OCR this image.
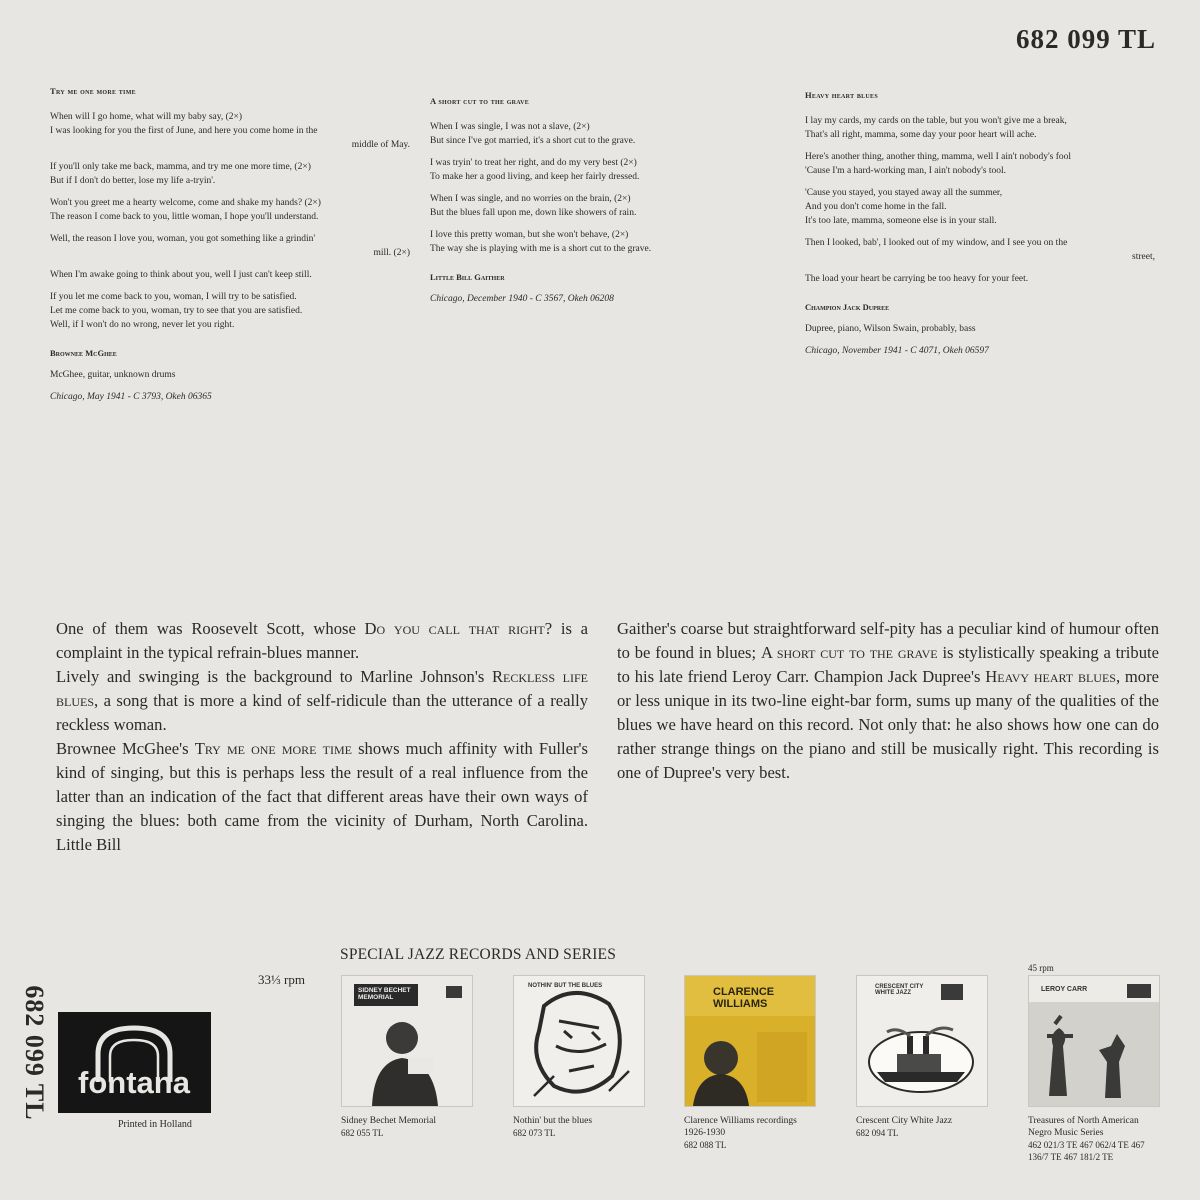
682 099 TL
Try me one more time
When will I go home, what will my baby say, (2×)
I was looking for you the first of June, and here you come home in the
middle of May.
If you'll only take me back, mamma, and try me one more time, (2×)
But if I don't do better, lose my life a-tryin'.
Won't you greet me a hearty welcome, come and shake my hands? (2×)
The reason I come back to you, little woman, I hope you'll understand.
Well, the reason I love you, woman, you got something like a grindin'
mill. (2×)
When I'm awake going to think about you, well I just can't keep still.
If you let me come back to you, woman, I will try to be satisfied.
Let me come back to you, woman, try to see that you are satisfied.
Well, if I won't do no wrong, never let you right.
Brownee McGhee
McGhee, guitar, unknown drums
Chicago, May 1941 - C 3793, Okeh 06365
A short cut to the grave
When I was single, I was not a slave, (2×)
But since I've got married, it's a short cut to the grave.
I was tryin' to treat her right, and do my very best (2×)
To make her a good living, and keep her fairly dressed.
When I was single, and no worries on the brain, (2×)
But the blues fall upon me, down like showers of rain.
I love this pretty woman, but she won't behave, (2×)
The way she is playing with me is a short cut to the grave.
Little Bill Gaither
Chicago, December 1940 - C 3567, Okeh 06208
Heavy heart blues
I lay my cards, my cards on the table, but you won't give me a break,
That's all right, mamma, some day your poor heart will ache.
Here's another thing, another thing, mamma, well I ain't nobody's fool
'Cause I'm a hard-working man, I ain't nobody's tool.
'Cause you stayed, you stayed away all the summer,
And you don't come home in the fall.
It's too late, mamma, someone else is in your stall.
Then I looked, bab', I looked out of my window, and I see you on the
street,
The load your heart be carrying be too heavy for your feet.
Champion Jack Dupree
Dupree, piano, Wilson Swain, probably, bass
Chicago, November 1941 - C 4071, Okeh 06597

One of them was Roosevelt Scott, whose Do you call that right? is a complaint in the typical refrain-blues manner.

Lively and swinging is the background to Marline Johnson's Reckless life blues, a song that is more a kind of self-ridicule than the utterance of a really reckless woman.

Brownee McGhee's Try me one more time shows much affinity with Fuller's kind of singing, but this is perhaps less the result of a real influence from the latter than an indication of the fact that different areas have their own ways of singing the blues: both came from the vicinity of Durham, North Carolina. Little Bill

Gaither's coarse but straightforward self-pity has a peculiar kind of humour often to be found in blues; A short cut to the grave is stylistically speaking a tribute to his late friend Leroy Carr. Champion Jack Dupree's Heavy heart blues, more or less unique in its two-line eight-bar form, sums up many of the qualities of the blues we have heard on this record. Not only that: he also shows how one can do rather strange things on the piano and still be musically right. This recording is one of Dupree's very best.

SPECIAL JAZZ RECORDS AND SERIES
33⅓ rpm
45 rpm
682 099 TL fontana
Printed in Holland
SIDNEY BECHET MEMORIAL
Sidney Bechet Memorial
682 055 TL
NOTHIN' BUT THE BLUES
Nothin' but the blues
682 073 TL
CLARENCE WILLIAMS
Clarence Williams recordings 1926-1930
682 088 TL
CRESCENT CITY WHITE JAZZ
Crescent City White Jazz
682 094 TL
LEROY CARR
Treasures of North American Negro Music Series
462 021/3 TE 467 062/4 TE 467 136/7 TE 467 181/2 TE
